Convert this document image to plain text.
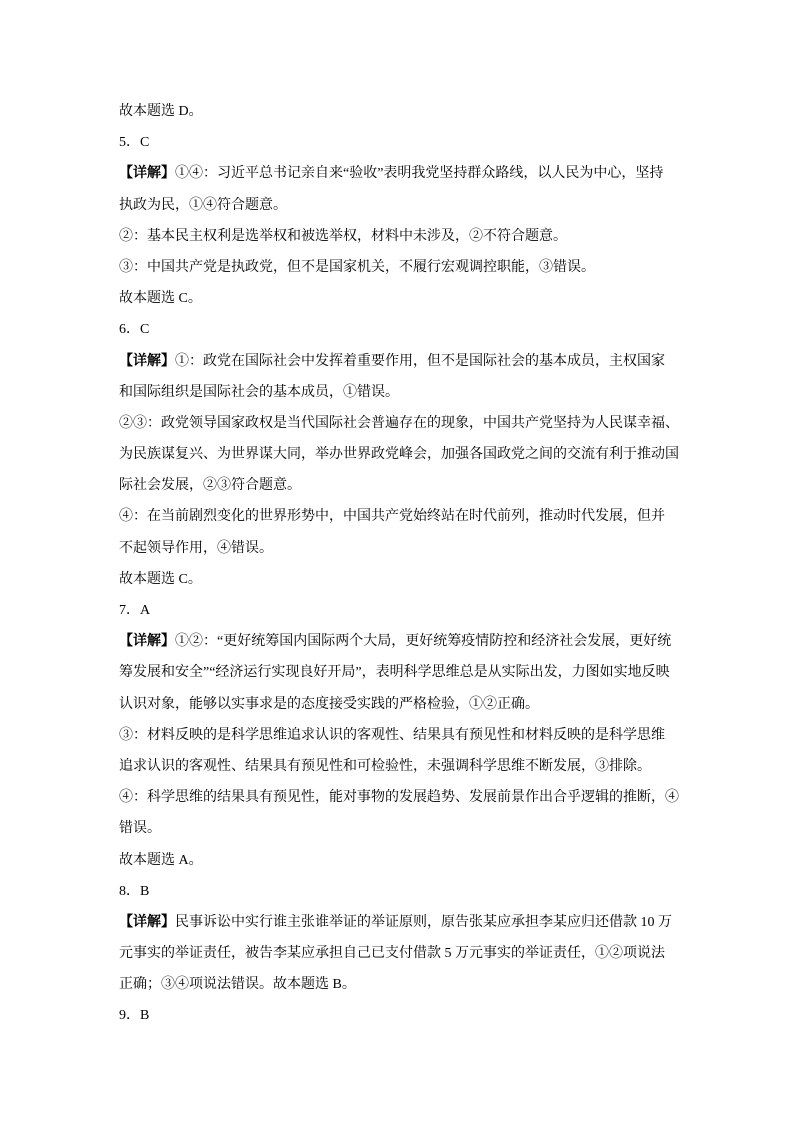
故本题选 D。
5．C
【详解】①④：习近平总书记亲自来“验收”表明我党坚持群众路线，以人民为中心，坚持
执政为民，①④符合题意。
②：基本民主权利是选举权和被选举权，材料中未涉及，②不符合题意。
③：中国共产党是执政党，但不是国家机关，不履行宏观调控职能，③错误。
故本题选 C。
6．C
【详解】①：政党在国际社会中发挥着重要作用，但不是国际社会的基本成员，主权国家
和国际组织是国际社会的基本成员，①错误。
②③：政党领导国家政权是当代国际社会普遍存在的现象，中国共产党坚持为人民谋幸福、
为民族谋复兴、为世界谋大同，举办世界政党峰会，加强各国政党之间的交流有利于推动国
际社会发展，②③符合题意。
④：在当前剧烈变化的世界形势中，中国共产党始终站在时代前列，推动时代发展，但并
不起领导作用，④错误。
故本题选 C。
7．A
【详解】①②：“更好统筹国内国际两个大局，更好统筹疫情防控和经济社会发展，更好统
筹发展和安全”“经济运行实现良好开局”，表明科学思维总是从实际出发，力图如实地反映
认识对象，能够以实事求是的态度接受实践的严格检验，①②正确。
③：材料反映的是科学思维追求认识的客观性、结果具有预见性和材料反映的是科学思维
追求认识的客观性、结果具有预见性和可检验性，未强调科学思维不断发展，③排除。
④：科学思维的结果具有预见性，能对事物的发展趋势、发展前景作出合乎逻辑的推断，④
错误。
故本题选 A。
8．B
【详解】民事诉讼中实行谁主张谁举证的举证原则，原告张某应承担李某应归还借款 10 万
元事实的举证责任，被告李某应承担自己已支付借款 5 万元事实的举证责任，①②项说法
正确；③④项说法错误。故本题选 B。
9．B
